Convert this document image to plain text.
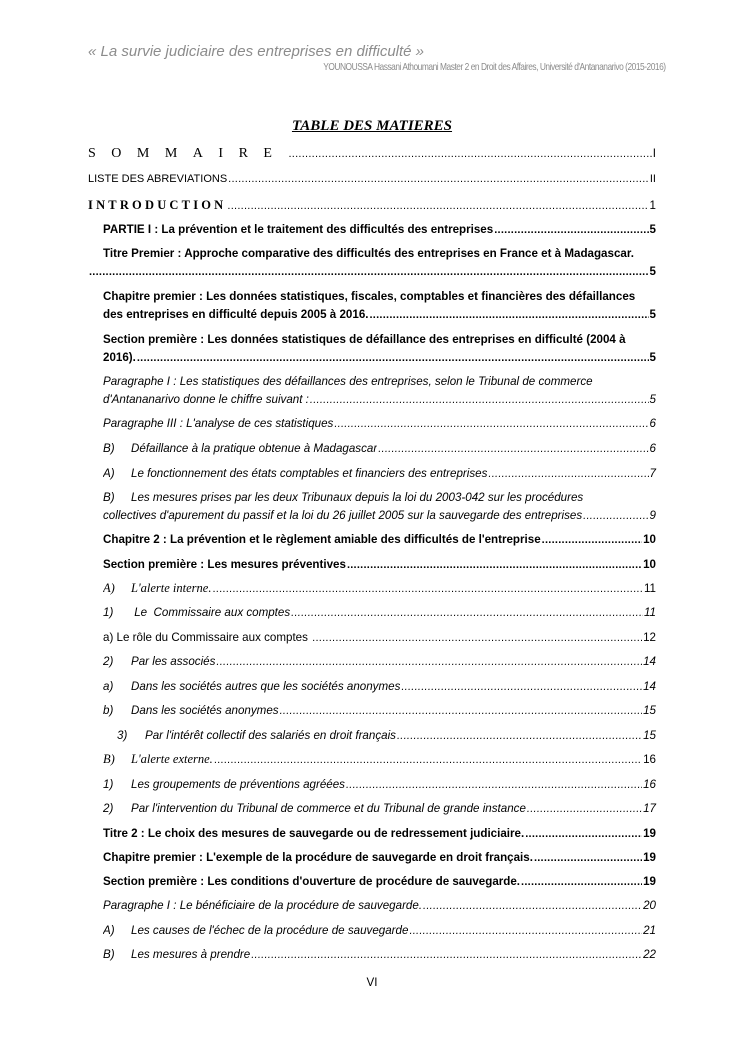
« La survie judiciaire des entreprises en difficulté »
YOUNOUSSA Hassani Athoumani Master 2 en Droit des Affaires, Université d'Antananarivo (2015-2016)
TABLE DES MATIERES
SOMMAIRE . . .	I
LISTE DES ABREVIATIONS . . .	II
INTRODUCTION . . .	1
PARTIE I : La prévention et le traitement des difficultés des entreprises . . .	5
Titre Premier : Approche comparative des difficultés des entreprises en France et à Madagascar.
. . .
5
Chapitre premier : Les données statistiques, fiscales, comptables et financières des défaillances
des entreprises en difficulté depuis 2005 à 2016. . . .	5
Section première : Les données statistiques de défaillance des entreprises en difficulté (2004 à
2016). . . .	5
Paragraphe I : Les statistiques des défaillances des entreprises, selon le Tribunal de commerce
d'Antananarivo donne le chiffre suivant : . . .	5
Paragraphe III : L'analyse de ces statistiques . . .	6
B) Défaillance à la pratique obtenue à Madagascar . . .	6
A) Le fonctionnement des états comptables et financiers des entreprises . . .	7
B) Les mesures prises par les deux Tribunaux depuis la loi du 2003-042 sur les procédures
collectives d'apurement du passif et la loi du 26 juillet 2005 sur la sauvegarde des entreprises . . .	9
Chapitre 2 : La prévention et le règlement amiable des difficultés de l'entreprise . . .	10
Section première : Les mesures préventives . . .	10
A) L'alerte interne. . . .	11
1) Le  Commissaire aux comptes . . .	11
a) Le rôle du Commissaire aux comptes . . .	12
2) Par les associés . . .	14
a) Dans les sociétés autres que les sociétés anonymes . . .	14
b) Dans les sociétés anonymes . . .	15
3) Par l'intérêt collectif des salariés en droit français . . .	15
B) L'alerte externe. . . .	16
1) Les groupements de préventions agréées . . .	16
2) Par l'intervention du Tribunal de commerce et du Tribunal de grande instance . . .	17
Titre 2 : Le choix des mesures de sauvegarde ou de redressement judiciaire. . . .	19
Chapitre premier : L'exemple de la procédure de sauvegarde en droit français. . . .	19
Section première : Les conditions d'ouverture de procédure de sauvegarde. . . .	19
Paragraphe I : Le bénéficiaire de la procédure de sauvegarde. . . .	20
A) Les causes de l'échec de la procédure de sauvegarde . . .	21
B) Les mesures à prendre . . .	22
VI
